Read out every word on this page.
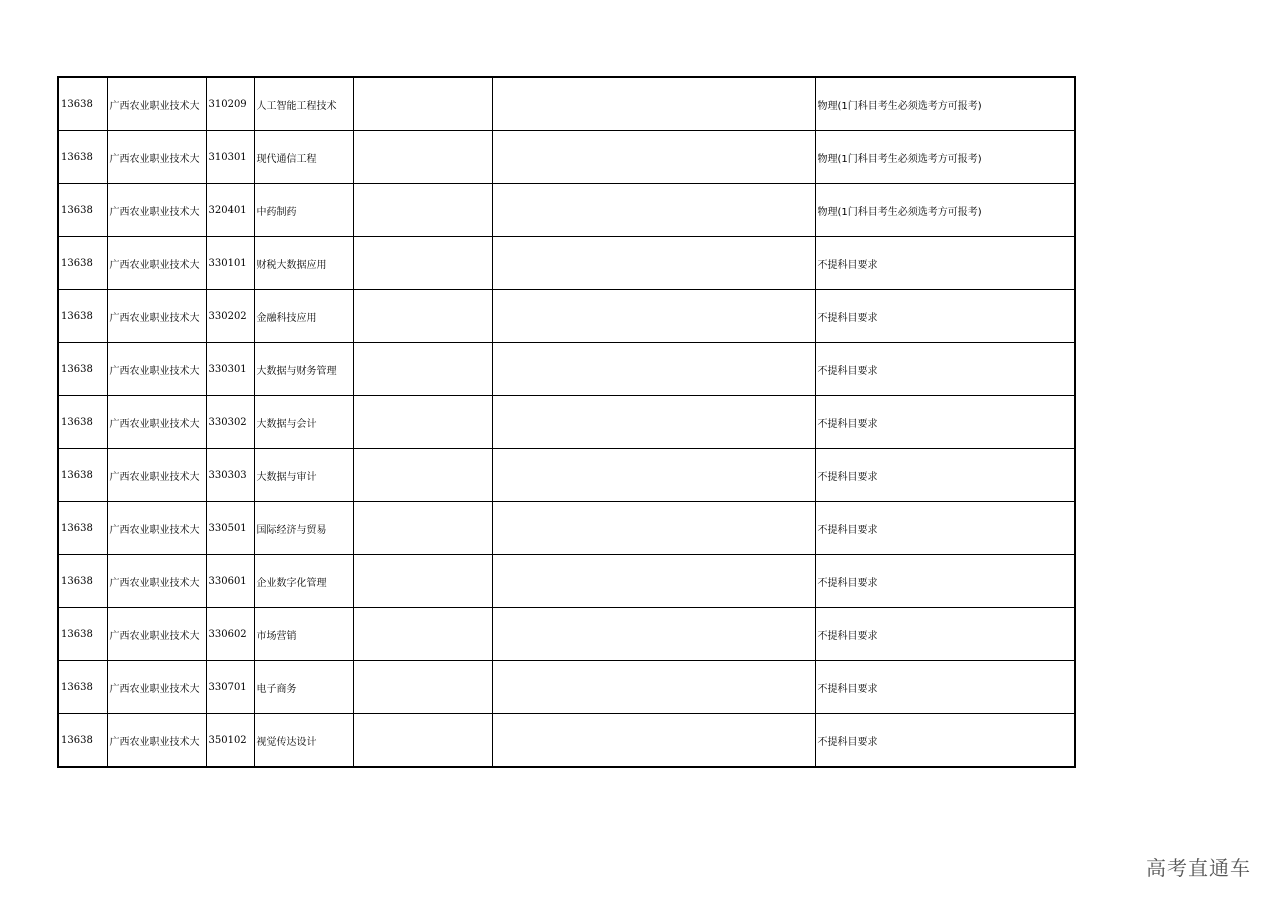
13638	广西农业职业技术大	310209	人工智能工程技术			物理(1门科目考生必须选考方可报考)
13638	广西农业职业技术大	310301	现代通信工程			物理(1门科目考生必须选考方可报考)
13638	广西农业职业技术大	320401	中药制药			物理(1门科目考生必须选考方可报考)
13638	广西农业职业技术大	330101	财税大数据应用			不提科目要求
13638	广西农业职业技术大	330202	金融科技应用			不提科目要求
13638	广西农业职业技术大	330301	大数据与财务管理			不提科目要求
13638	广西农业职业技术大	330302	大数据与会计			不提科目要求
13638	广西农业职业技术大	330303	大数据与审计			不提科目要求
13638	广西农业职业技术大	330501	国际经济与贸易			不提科目要求
13638	广西农业职业技术大	330601	企业数字化管理			不提科目要求
13638	广西农业职业技术大	330602	市场营销			不提科目要求
13638	广西农业职业技术大	330701	电子商务			不提科目要求
13638	广西农业职业技术大	350102	视觉传达设计			不提科目要求
高考直通车
